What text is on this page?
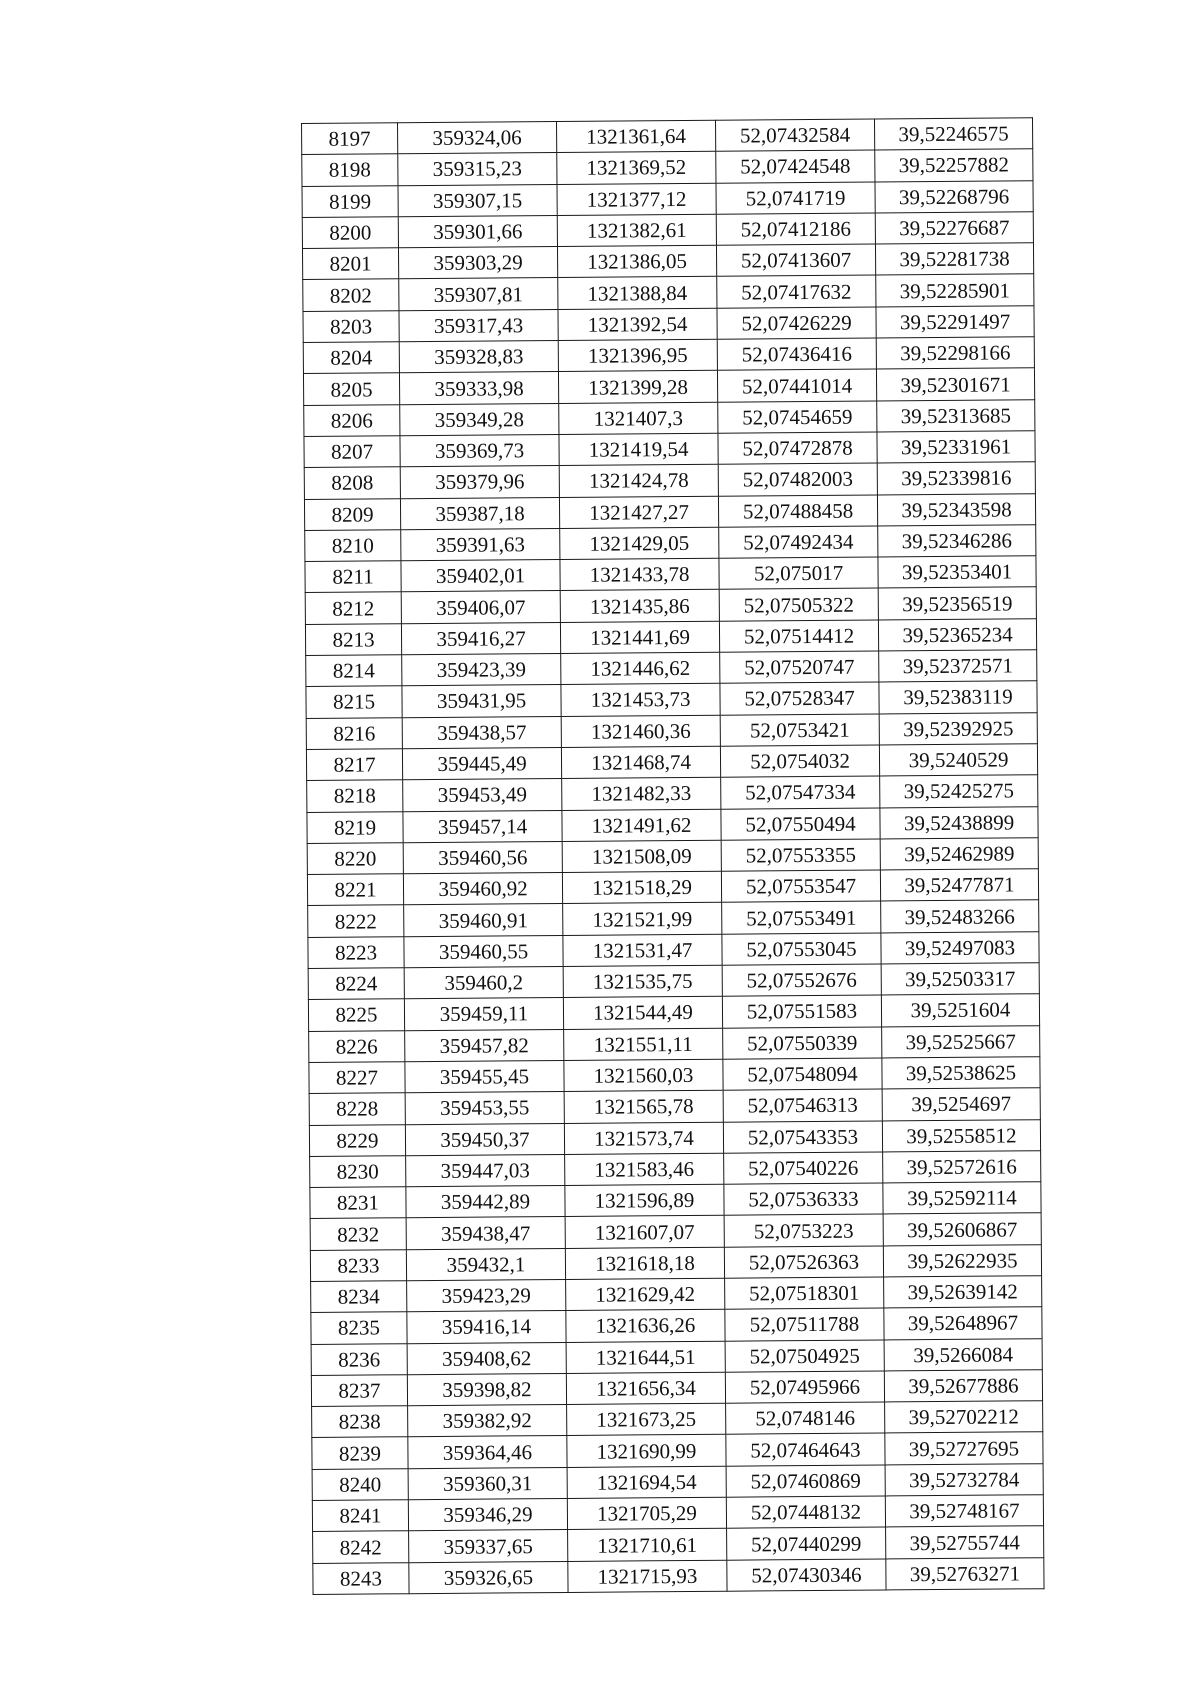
8197	359324,06	1321361,64	52,07432584	39,52246575
8198	359315,23	1321369,52	52,07424548	39,52257882
8199	359307,15	1321377,12	52,0741719	39,52268796
8200	359301,66	1321382,61	52,07412186	39,52276687
8201	359303,29	1321386,05	52,07413607	39,52281738
8202	359307,81	1321388,84	52,07417632	39,52285901
8203	359317,43	1321392,54	52,07426229	39,52291497
8204	359328,83	1321396,95	52,07436416	39,52298166
8205	359333,98	1321399,28	52,07441014	39,52301671
8206	359349,28	1321407,3	52,07454659	39,52313685
8207	359369,73	1321419,54	52,07472878	39,52331961
8208	359379,96	1321424,78	52,07482003	39,52339816
8209	359387,18	1321427,27	52,07488458	39,52343598
8210	359391,63	1321429,05	52,07492434	39,52346286
8211	359402,01	1321433,78	52,075017	39,52353401
8212	359406,07	1321435,86	52,07505322	39,52356519
8213	359416,27	1321441,69	52,07514412	39,52365234
8214	359423,39	1321446,62	52,07520747	39,52372571
8215	359431,95	1321453,73	52,07528347	39,52383119
8216	359438,57	1321460,36	52,0753421	39,52392925
8217	359445,49	1321468,74	52,0754032	39,5240529
8218	359453,49	1321482,33	52,07547334	39,52425275
8219	359457,14	1321491,62	52,07550494	39,52438899
8220	359460,56	1321508,09	52,07553355	39,52462989
8221	359460,92	1321518,29	52,07553547	39,52477871
8222	359460,91	1321521,99	52,07553491	39,52483266
8223	359460,55	1321531,47	52,07553045	39,52497083
8224	359460,2	1321535,75	52,07552676	39,52503317
8225	359459,11	1321544,49	52,07551583	39,5251604
8226	359457,82	1321551,11	52,07550339	39,52525667
8227	359455,45	1321560,03	52,07548094	39,52538625
8228	359453,55	1321565,78	52,07546313	39,5254697
8229	359450,37	1321573,74	52,07543353	39,52558512
8230	359447,03	1321583,46	52,07540226	39,52572616
8231	359442,89	1321596,89	52,07536333	39,52592114
8232	359438,47	1321607,07	52,0753223	39,52606867
8233	359432,1	1321618,18	52,07526363	39,52622935
8234	359423,29	1321629,42	52,07518301	39,52639142
8235	359416,14	1321636,26	52,07511788	39,52648967
8236	359408,62	1321644,51	52,07504925	39,5266084
8237	359398,82	1321656,34	52,07495966	39,52677886
8238	359382,92	1321673,25	52,0748146	39,52702212
8239	359364,46	1321690,99	52,07464643	39,52727695
8240	359360,31	1321694,54	52,07460869	39,52732784
8241	359346,29	1321705,29	52,07448132	39,52748167
8242	359337,65	1321710,61	52,07440299	39,52755744
8243	359326,65	1321715,93	52,07430346	39,52763271
